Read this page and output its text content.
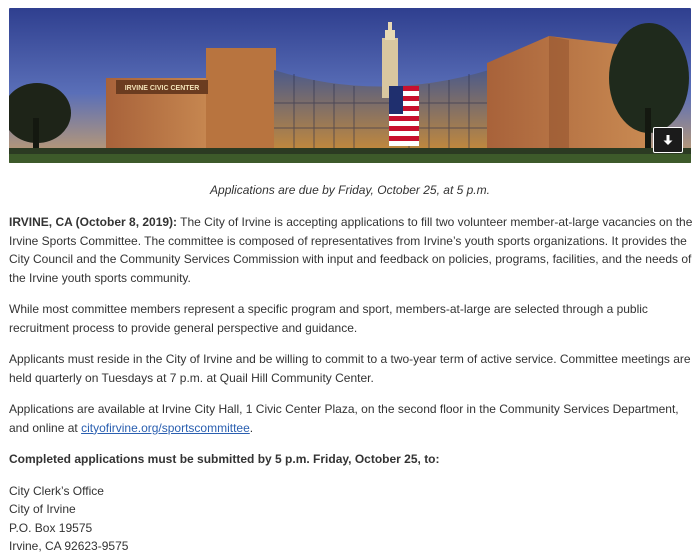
IRVINE CIVIC CENTER
Applications are due by Friday, October 25, at 5 p.m.

IRVINE, CA (October 8, 2019): The City of Irvine is accepting applications to fill two volunteer member-at-large vacancies on the Irvine Sports Committee. The committee is composed of representatives from Irvine’s youth sports organizations. It provides the City Council and the Community Services Commission with input and feedback on policies, programs, facilities, and the needs of the Irvine youth sports community.

While most committee members represent a specific program and sport, members-at-large are selected through a public recruitment process to provide general perspective and guidance.

Applicants must reside in the City of Irvine and be willing to commit to a two-year term of active service. Committee meetings are held quarterly on Tuesdays at 7 p.m. at Quail Hill Community Center.

Applications are available at Irvine City Hall, 1 Civic Center Plaza, on the second floor in the Community Services Department, and online at cityofirvine.org/sportscommittee.

Completed applications must be submitted by 5 p.m. Friday, October 25, to:

City Clerk’s Office
City of Irvine
P.O. Box 19575
Irvine, CA 92623-9575
